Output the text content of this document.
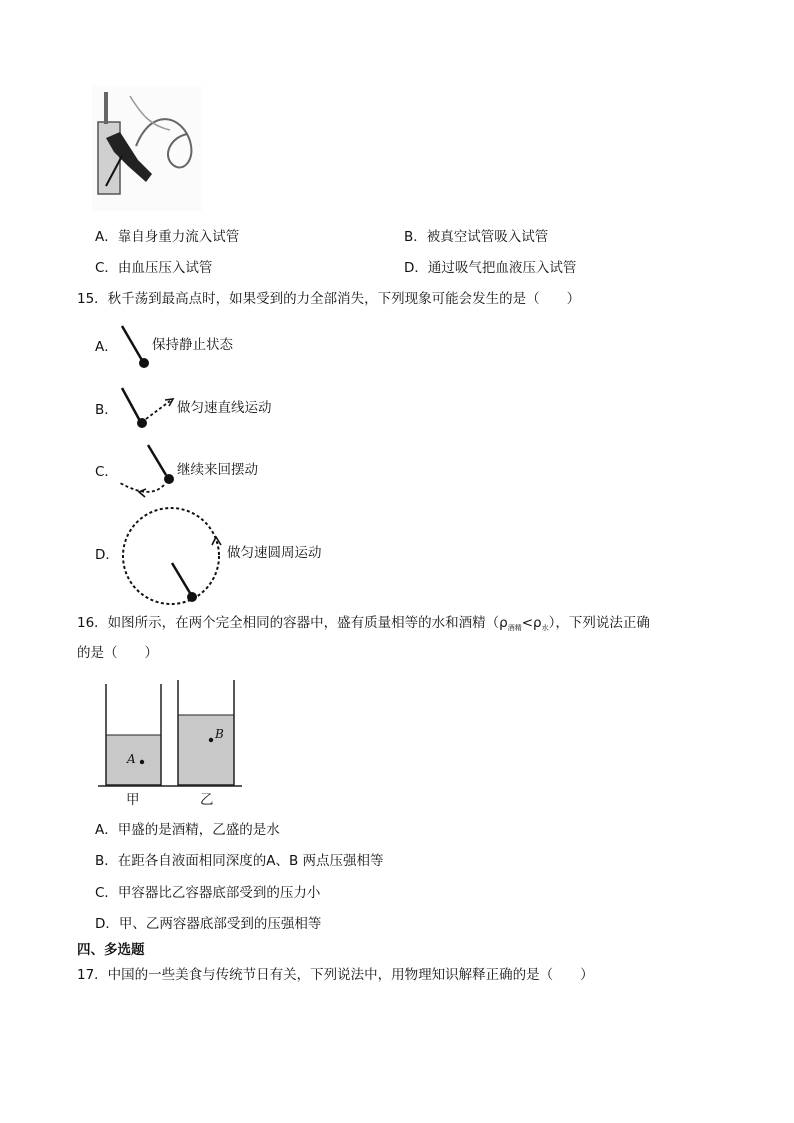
A．靠自身重力流入试管	B．被真空试管吸入试管
C．由血压压入试管	D．通过吸气把血液压入试管
15．秋千荡到最高点时，如果受到的力全部消失，下列现象可能会发生的是（　　）
A．	保持静止状态
B．	做匀速直线运动
C．	继续来回摆动
D．	做匀速圆周运动
16．如图所示，在两个完全相同的容器中，盛有质量相等的水和酒精$(\rho_{酒精}<\rho_水)$，下列说法正确
的是（　　）
A
B
甲	乙
A．甲盛的是酒精，乙盛的是水
B．在距各自液面相同深度的A、B 两点压强相等
C．甲容器比乙容器底部受到的压力小
D．甲、乙两容器底部受到的压强相等
四、多选题
17．中国的一些美食与传统节日有关，下列说法中，用物理知识解释正确的是（　　）
